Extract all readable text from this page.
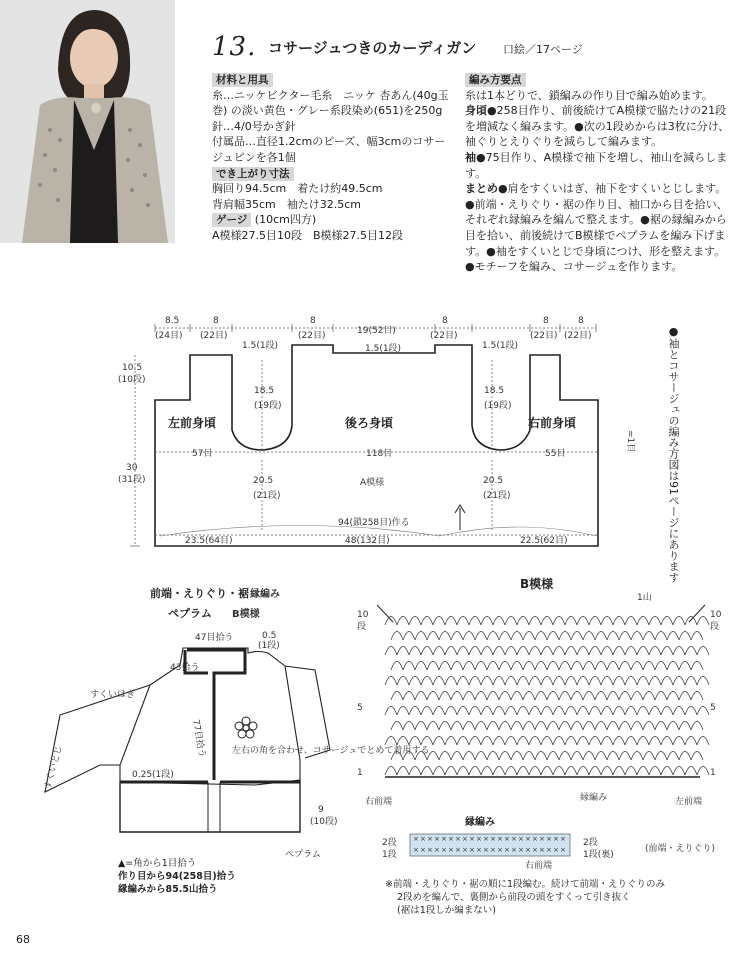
13. コサージュつきのカーディガン 口絵／17ページ

材料と用具

糸…ニッケビクター毛糸　ニッケ 杏あん(40g玉巻) の淡い黄色・グレー系段染め(651)を250g

針…4/0号かぎ針

付属品…直径1.2cmのビーズ、幅3cmのコサージュピンを各1個

でき上がり寸法

胸回り94.5cm　着たけ約49.5cm

背肩幅35cm　袖たけ32.5cm

ゲージ (10cm四方)

A模様27.5目10段　B模様27.5目12段

編み方要点

糸は1本どりで、鎖編みの作り目で編み始めます。

身頃●258目作り、前後続けてA模様で脇たけの21段を増減なく編みます。●次の1段めからは3枚に分け、袖ぐりとえりぐりを減らして編みます。

袖●75目作り、A模様で袖下を増し、袖山を減らします。

まとめ●肩をすくいはぎ、袖下をすくいとじします。●前端・えりぐり・裾の作り目、袖口から目を拾い、それぞれ縁編みを編んで整えます。●裾の縁編みから目を拾い、前後続けてB模様でペプラムを編み下げます。●袖をすくいとじで身頃につけ、形を整えます。●モチーフを編み、コサージュを作ります。

●袖とコサージュの編み方図は91ページにあります
8.5
(24目)
8
(22目)
8
(22目)	19(52目)
8
(22目)
8
(22目)
8
(22目)
1.5(1段)	1.5(1段)	1.5(1段)
10.5
(10段)
30
(31段)
18.5
(19段)
18.5
(19段)
左前身頃	後ろ身頃	右前身頃
57目	118目	55目
20.5
(21段)
20.5
(21段)
A模様
94(鎖258目)作る
23.5(64目)	48(132目)	22.5(62目)
=1目
前端・えりぐり・裾 縁編み
ペプラム B模様
47目拾う	0.5
(1段)
43拾う
すくいはぎ
77目拾う	左右の角を合わせ、コサージュでとめて着用する
すくいとじ	0.25(1段)
9
(10段)
ペプラム
▲=角から1目拾う
作り目から94(258目)拾う
縁編みから85.5山拾う
B模様
1山
10
段
10
段
5	5
1	1
右前端	左前端
縁編み
縁編み
× × × × × × × × × × × × × × × × × × × × × ×
× × × × × × × × × × × × × × × × × × × × × ×
2段
1段
2段
1段(裏)
右前端
(前端・えりぐり)
※前端・えりぐり・裾の順に1段編む。続けて前端・えりぐりのみ
2段めを編んで、裏側から前段の頭をすくって引き抜く
(裾は1段しか編まない)
68
